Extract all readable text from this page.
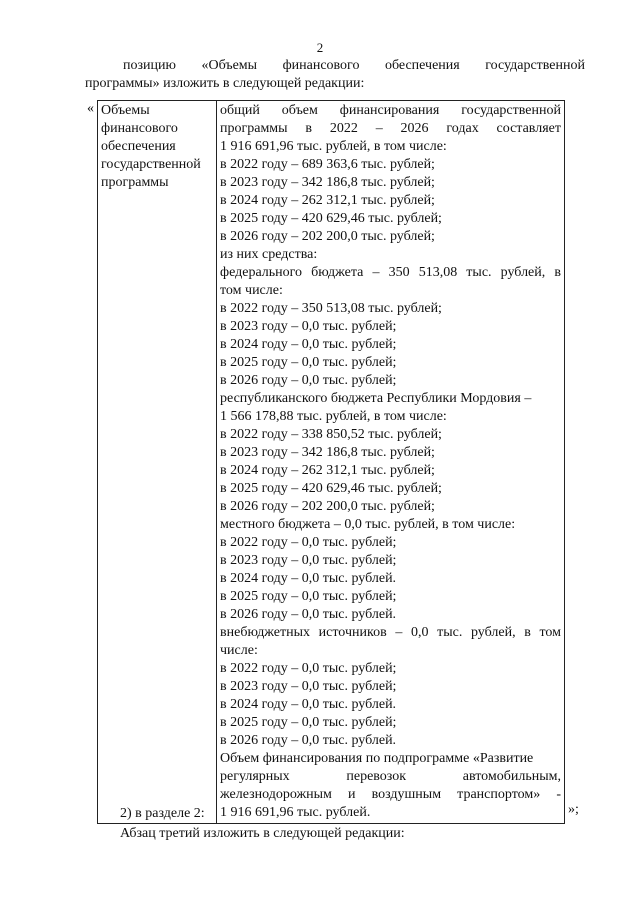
2
позицию «Объемы финансового обеспечения государственной
программы» изложить в следующей редакции:
« Объемы
финансового
обеспечения
государственной
программы

общий объем финансирования государственной
программы в 2022 – 2026 годах составляет
1 916 691,96 тыс. рублей, в том числе:
в 2022 году – 689 363,6 тыс. рублей;
в 2023 году – 342 186,8 тыс. рублей;
в 2024 году – 262 312,1 тыс. рублей;
в 2025 году – 420 629,46 тыс. рублей;
в 2026 году – 202 200,0 тыс. рублей;
из них средства:
федерального бюджета – 350 513,08 тыс. рублей, в
том числе:
в 2022 году – 350 513,08 тыс. рублей;
в 2023 году – 0,0 тыс. рублей;
в 2024 году – 0,0 тыс. рублей;
в 2025 году – 0,0 тыс. рублей;
в 2026 году – 0,0 тыс. рублей;
республиканского бюджета Республики Мордовия –
1 566 178,88 тыс. рублей, в том числе:
в 2022 году – 338 850,52 тыс. рублей;
в 2023 году – 342 186,8 тыс. рублей;
в 2024 году – 262 312,1 тыс. рублей;
в 2025 году – 420 629,46 тыс. рублей;
в 2026 году – 202 200,0 тыс. рублей;
местного бюджета – 0,0 тыс. рублей, в том числе:
в 2022 году – 0,0 тыс. рублей;
в 2023 году – 0,0 тыс. рублей;
в 2024 году – 0,0 тыс. рублей.
в 2025 году – 0,0 тыс. рублей;
в 2026 году – 0,0 тыс. рублей.
внебюджетных источников – 0,0 тыс. рублей, в том
числе:
в 2022 году – 0,0 тыс. рублей;
в 2023 году – 0,0 тыс. рублей;
в 2024 году – 0,0 тыс. рублей.
в 2025 году – 0,0 тыс. рублей;
в 2026 году – 0,0 тыс. рублей.
Объем финансирования по подпрограмме «Развитие
регулярных перевозок автомобильным,
железнодорожным и воздушным транспортом» -
1 916 691,96 тыс. рублей.	»;
2) в разделе 2:
Абзац третий изложить в следующей редакции:
